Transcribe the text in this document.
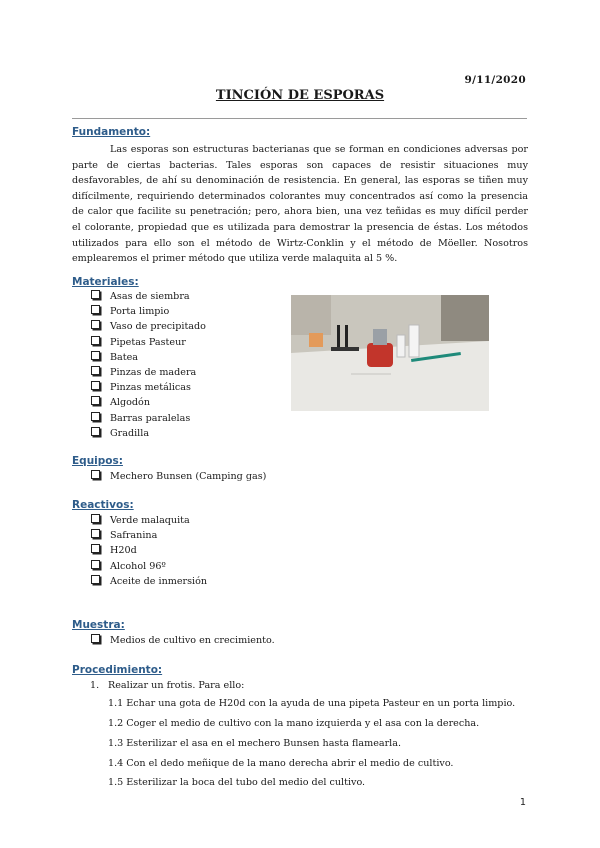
9/11/2020
TINCIÓN DE ESPORAS
Fundamento:

Las esporas son estructuras bacterianas que se forman en condiciones adversas por parte de ciertas bacterias. Tales esporas son capaces de resistir situaciones muy desfavorables, de ahí su denominación de resistencia. En general, las esporas se tiñen muy difícilmente, requiriendo determinados colorantes muy concentrados así como la presencia de calor que facilite su penetración; pero, ahora bien, una vez teñidas es muy difícil perder el colorante, propiedad que es utilizada para demostrar la presencia de éstas. Los métodos utilizados para ello son el método de Wirtz-Conklin y el método de Möeller. Nosotros emplearemos el primer método que utiliza verde malaquita al 5 %.

Materiales:
Asas de siembra
Porta limpio
Vaso de precipitado
Pipetas Pasteur
Batea
Pinzas de madera
Pinzas metálicas
Algodón
Barras paralelas
Gradilla
Equipos:
Mechero Bunsen (Camping gas)
Reactivos:
Verde malaquita
Safranina
H20d
Alcohol 96º
Aceite de inmersión
Muestra:
Medios de cultivo en crecimiento.
Procedimiento:
1. Realizar un frotis. Para ello:
1.1 Echar una gota de H20d con la ayuda de una pipeta Pasteur en un porta limpio.
1.2 Coger el medio de cultivo con la mano izquierda y el asa con la derecha.
1.3 Esterilizar el asa en el mechero Bunsen hasta flamearla.
1.4 Con el dedo meñique de la mano derecha abrir el medio de cultivo.
1.5 Esterilizar la boca del tubo del medio del cultivo.
1
